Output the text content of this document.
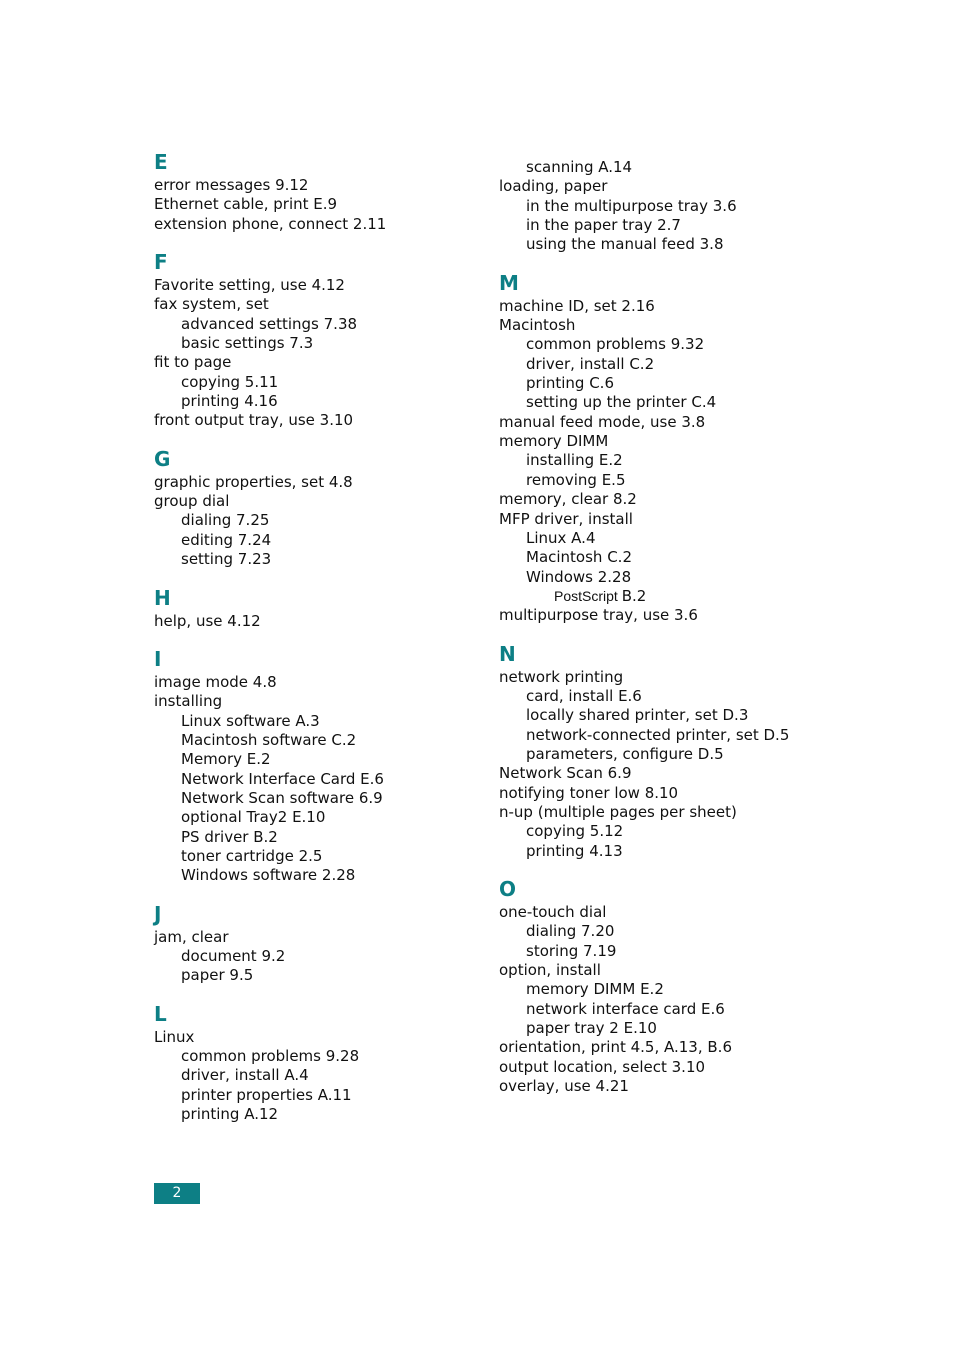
E
error messages 9.12
Ethernet cable, print E.9
extension phone, connect 2.11
F
Favorite setting, use 4.12
fax system, set
advanced settings 7.38
basic settings 7.3
fit to page
copying 5.11
printing 4.16
front output tray, use 3.10
G
graphic properties, set 4.8
group dial
dialing 7.25
editing 7.24
setting 7.23
H
help, use 4.12
I
image mode 4.8
installing
Linux software A.3
Macintosh software C.2
Memory E.2
Network Interface Card E.6
Network Scan software 6.9
optional Tray2 E.10
PS driver B.2
toner cartridge 2.5
Windows software 2.28
J
jam, clear
document 9.2
paper 9.5
L
Linux
common problems 9.28
driver, install A.4
printer properties A.11
printing A.12
scanning A.14
loading, paper
in the multipurpose tray 3.6
in the paper tray 2.7
using the manual feed 3.8
M
machine ID, set 2.16
Macintosh
common problems 9.32
driver, install C.2
printing C.6
setting up the printer C.4
manual feed mode, use 3.8
memory DIMM
installing E.2
removing E.5
memory, clear 8.2
MFP driver, install
Linux A.4
Macintosh C.2
Windows 2.28
PostScript B.2
multipurpose tray, use 3.6
N
network printing
card, install E.6
locally shared printer, set D.3
network-connected printer, set D.5
parameters, configure D.5
Network Scan 6.9
notifying toner low 8.10
n-up (multiple pages per sheet)
copying 5.12
printing 4.13
O
one-touch dial
dialing 7.20
storing 7.19
option, install
memory DIMM E.2
network interface card E.6
paper tray 2 E.10
orientation, print 4.5, A.13, B.6
output location, select 3.10
overlay, use 4.21
2
